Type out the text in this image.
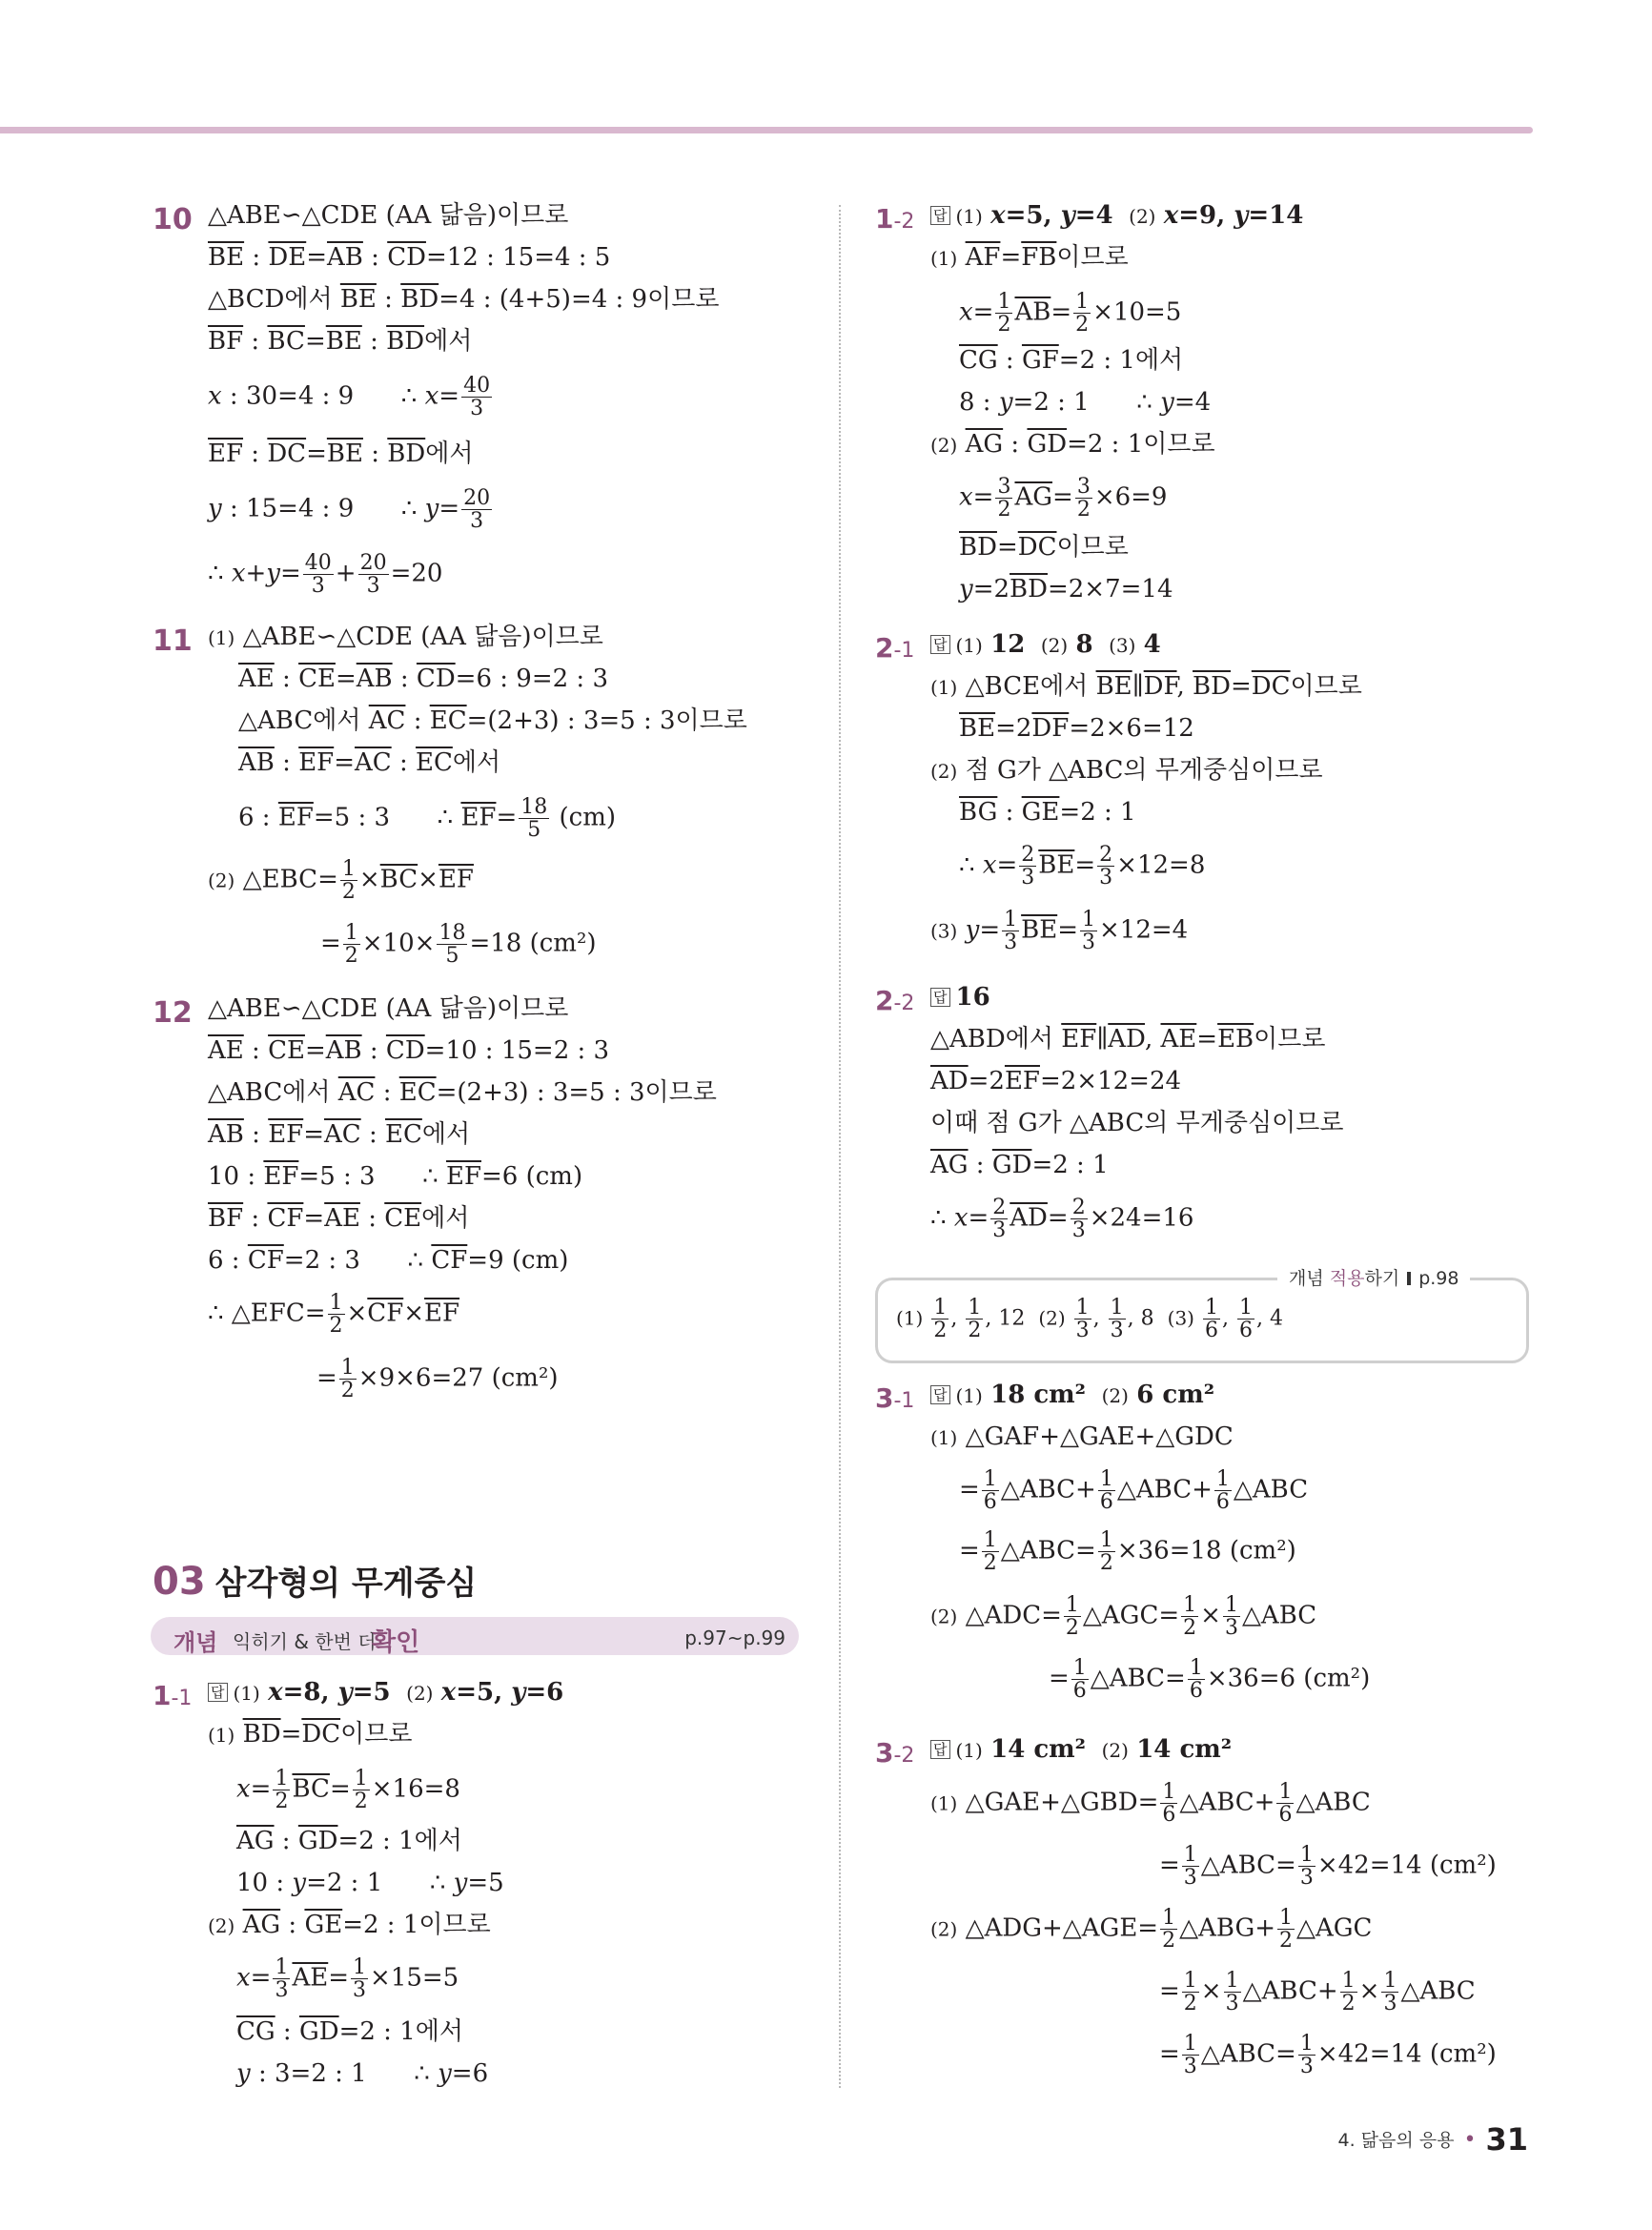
10 △ABE∽△CDE (AA 닮음)이므로
$\overline{BE}$ : $\overline{DE}=\overline{AB}$ : $\overline{CD}=12$ : 15=4 : 5
△BCD에서 $\overline{BE}$ : $\overline{BD}=4$ : (4+5)=4 : 9이므로
$\overline{BF}$ : $\overline{BC}=\overline{BE}$ : $\overline{BD}$에서
x : 30=4 : 9      ∴ $x= \frac{40}{3}$
$\overline{EF}$ : $\overline{DC}=\overline{BE}$ : $\overline{BD}$에서
y : 15=4 : 9      ∴ $y= \frac{20}{3}$
∴ $x+y= \frac{40}{3} + \frac{20}{3} =20$
11 (1) △ABE∽△CDE (AA 닮음)이므로
$\overline{AE}$ : $\overline{CE}=\overline{AB}$ : $\overline{CD}=6$ : 9=2 : 3
△ABC에서 $\overline{AC}$ : $\overline{EC}=(2+3)$ : 3=5 : 3이므로
$\overline{AB}$ : $\overline{EF}=\overline{AC}$ : $\overline{EC}$에서
6 : $\overline{EF}=5$ : 3      ∴ $\overline{EF}= \frac{18}{5} (cm)$
(2) △EBC= $\frac{1}{2} \times\overline{BC}\times\overline{EF}$
= $\frac{1}{2} \times 10\times \frac{18}{5} =18$ (cm²)
12 △ABE∽△CDE (AA 닮음)이므로
$\overline{AE}$ : $\overline{CE}=\overline{AB}$ : $\overline{CD}=10$ : 15=2 : 3
△ABC에서 $\overline{AC}$ : $\overline{EC}=(2+3)$ : 3=5 : 3이므로
$\overline{AB}$ : $\overline{EF}=\overline{AC}$ : $\overline{EC}$에서
10 : $\overline{EF}=5$ : 3      ∴ $\overline{EF}=6$ (cm)
$\overline{BF}$ : $\overline{CF}=\overline{AE}$ : $\overline{CE}$에서
6 : $\overline{CF}=2$ : 3      ∴ $\overline{CF}=9$ (cm)
∴ △EFC= $\frac{1}{2} \times\overline{CF}\times\overline{EF}$
= $\frac{1}{2} \times 9\times 6=27$ (cm²)
03 삼각형의 무게중심
개념 익히기 & 한번 더
확인	p.97~p.99
1-1 답 (1) x=8, y=5 (2) x=5, y=6
(1) $\overline{BD}=\overline{DC}$이므로
$x= \frac{1}{2} \overline{BC}= \frac{1}{2} \times 16=8$
$\overline{AG}$ : $\overline{GD}=2$ : 1에서
10 : y=2 : 1      ∴ y=5
(2) $\overline{AG}$ : $\overline{GE}=2$ : 1이므로
$x= \frac{1}{3} \overline{AE}= \frac{1}{3} \times 15=5$
$\overline{CG}$ : $\overline{GD}=2$ : 1에서
y : 3=2 : 1      ∴ y=6
1-2 답 (1) x=5, y=4 (2) x=9, y=14
(1) $\overline{AF}=\overline{FB}$이므로
$x= \frac{1}{2} \overline{AB}= \frac{1}{2} \times 10=5$
$\overline{CG}$ : $\overline{GF}=2$ : 1에서
8 : y=2 : 1      ∴ y=4
(2) $\overline{AG}$ : $\overline{GD}=2$ : 1이므로
$x= \frac{3}{2} \overline{AG}= \frac{3}{2} \times 6=9$
$\overline{BD}=\overline{DC}$이므로
$y=2\overline{BD}=2\times 7=14$
2-1 답 (1) 12 (2) 8 (3) 4
(1) △BCE에서 $\overline{BE}\parallel\overline{DF}$, $\overline{BD}=\overline{DC}$이므로
$\overline{BE}=2\overline{DF}=2\times 6=12$
(2) 점 G가 △ABC의 무게중심이므로
$\overline{BG}$ : $\overline{GE}=2$ : 1
∴ $x= \frac{2}{3} \overline{BE}= \frac{2}{3} \times 12=8$
(3) $y= \frac{1}{3} \overline{BE}= \frac{1}{3} \times 12=4$
2-2 답 16
△ABD에서 $\overline{EF}\parallel\overline{AD}$, $\overline{AE}=\overline{EB}$이므로
$\overline{AD}=2\overline{EF}=2\times 12=24$
이때 점 G가 △ABC의 무게중심이므로
$\overline{AG}$ : $\overline{GD}=2$ : 1
∴ $x= \frac{2}{3} \overline{AD}= \frac{2}{3} \times 24=16$
개념 적용하기 p.98
$(1) \frac{1}{2}$ , $\frac{1}{2}$ , 12  $(2) \frac{1}{3}$ , $\frac{1}{3}$ , 8  $(3) \frac{1}{6}$ , $\frac{1}{6}$ , 4
3-1 답 (1) 18 cm² (2) 6 cm²
(1) △GAF+△GAE+△GDC
= $\frac{1}{6}$ △ABC+ $\frac{1}{6}$ △ABC+ $\frac{1}{6}$ △ABC
= $\frac{1}{2}$ △ABC= $\frac{1}{2} \times 36=18$ (cm²)
(2) △ADC= $\frac{1}{2}$ △AGC= $\frac{1}{2} \times \frac{1}{3}$ △ABC
= $\frac{1}{6}$ △ABC= $\frac{1}{6} \times 36=6$ (cm²)
3-2 답 (1) 14 cm² (2) 14 cm²
(1) △GAE+△GBD= $\frac{1}{6}$ △ABC+ $\frac{1}{6}$ △ABC
= $\frac{1}{3}$ △ABC= $\frac{1}{3} \times 42=14$ (cm²)
(2) △ADG+△AGE= $\frac{1}{2}$ △ABG+ $\frac{1}{2}$ △AGC
= $\frac{1}{2} \times \frac{1}{3}$ △ABC+ $\frac{1}{2} \times \frac{1}{3}$ △ABC
= $\frac{1}{3}$ △ABC= $\frac{1}{3} \times 42=14$ (cm²)
4. 닮음의 응용 • 31
